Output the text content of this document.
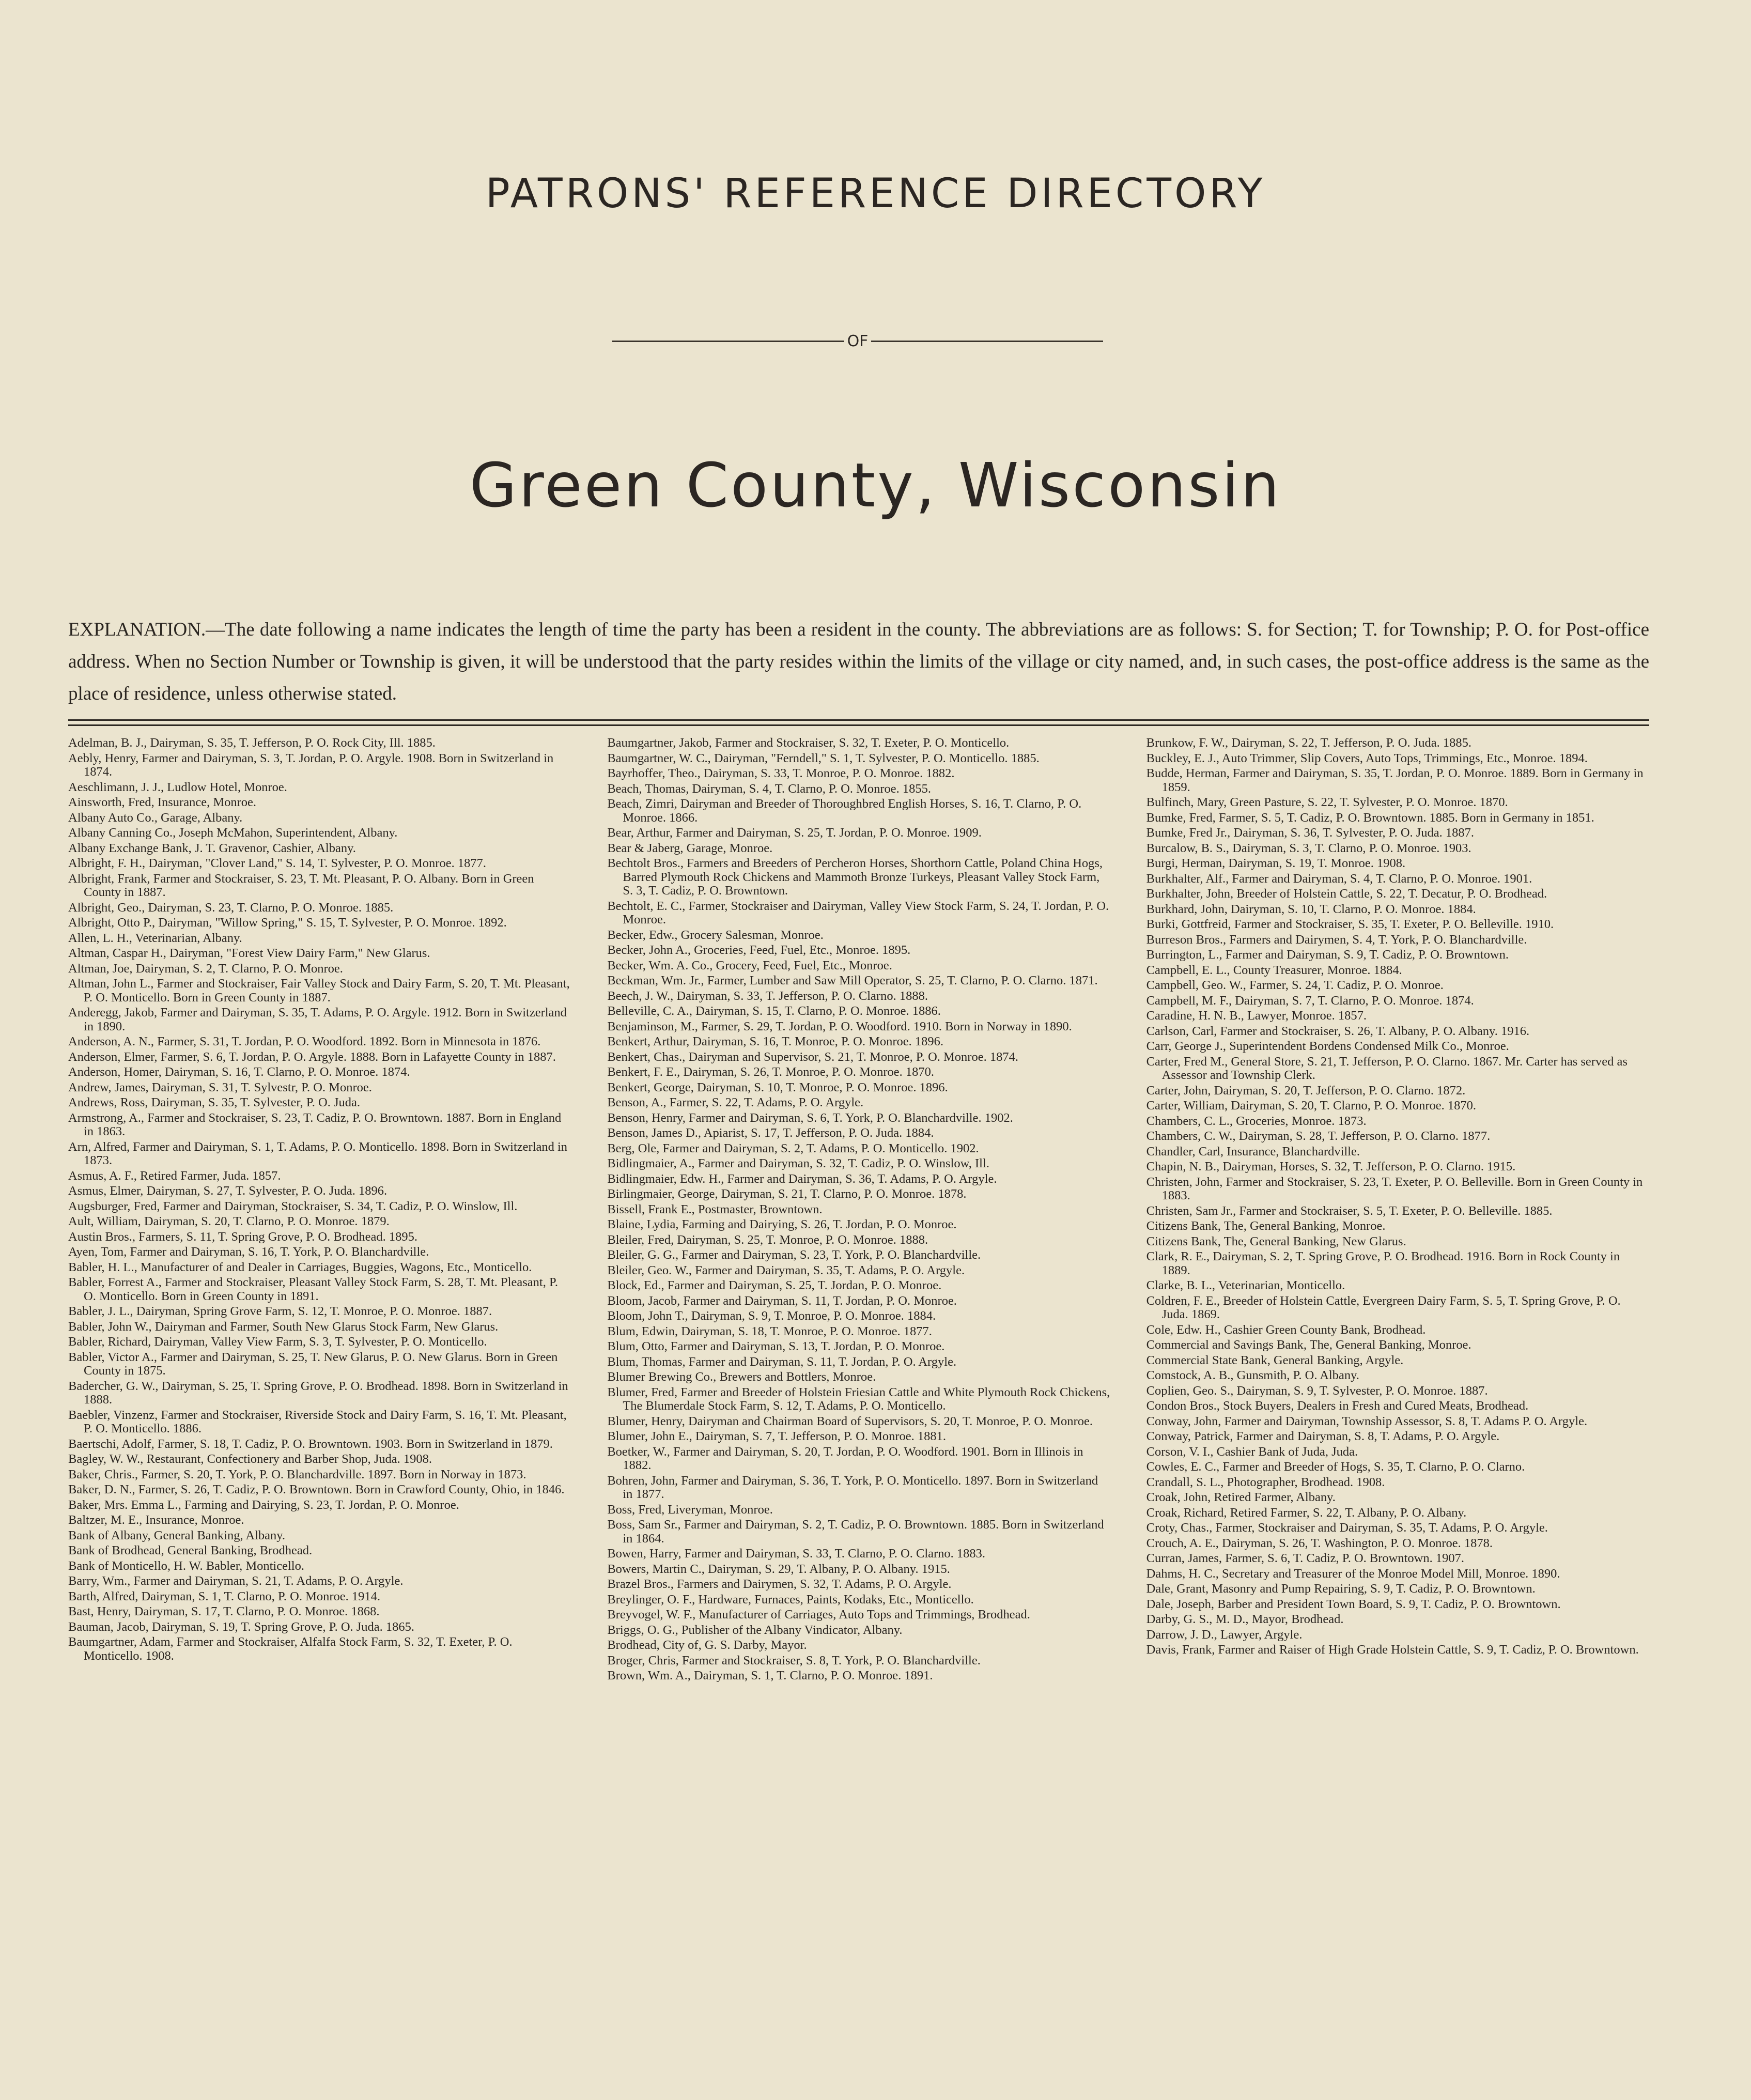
PATRONS' REFERENCE DIRECTORY
OF
Green County, Wisconsin
EXPLANATION.—The date following a name indicates the length of time the party has been a resident in the county. The abbreviations are as follows: S. for Section; T. for Township; P. O. for Post-office address. When no Section Number or Township is given, it will be understood that the party resides within the limits of the village or city named, and, in such cases, the post-office address is the same as the place of residence, unless otherwise stated.
Adelman, B. J., Dairyman, S. 35, T. Jefferson, P. O. Rock City, Ill. 1885.
Aebly, Henry, Farmer and Dairyman, S. 3, T. Jordan, P. O. Argyle. 1908. Born in Switzerland in 1874.
Aeschlimann, J. J., Ludlow Hotel, Monroe.
Ainsworth, Fred, Insurance, Monroe.
Albany Auto Co., Garage, Albany.
Albany Canning Co., Joseph McMahon, Superintendent, Albany.
Albany Exchange Bank, J. T. Gravenor, Cashier, Albany.
Albright, F. H., Dairyman, "Clover Land," S. 14, T. Sylvester, P. O. Monroe. 1877.
Albright, Frank, Farmer and Stockraiser, S. 23, T. Mt. Pleasant, P. O. Albany. Born in Green County in 1887.
Albright, Geo., Dairyman, S. 23, T. Clarno, P. O. Monroe. 1885.
Albright, Otto P., Dairyman, "Willow Spring," S. 15, T. Sylvester, P. O. Monroe. 1892.
Allen, L. H., Veterinarian, Albany.
Altman, Caspar H., Dairyman, "Forest View Dairy Farm," New Glarus.
Altman, Joe, Dairyman, S. 2, T. Clarno, P. O. Monroe.
Altman, John L., Farmer and Stockraiser, Fair Valley Stock and Dairy Farm, S. 20, T. Mt. Pleasant, P. O. Monticello. Born in Green County in 1887.
Anderegg, Jakob, Farmer and Dairyman, S. 35, T. Adams, P. O. Argyle. 1912. Born in Switzerland in 1890.
Anderson, A. N., Farmer, S. 31, T. Jordan, P. O. Woodford. 1892. Born in Minnesota in 1876.
Anderson, Elmer, Farmer, S. 6, T. Jordan, P. O. Argyle. 1888. Born in Lafayette County in 1887.
Anderson, Homer, Dairyman, S. 16, T. Clarno, P. O. Monroe. 1874.
Andrew, James, Dairyman, S. 31, T. Sylvestr, P. O. Monroe.
Andrews, Ross, Dairyman, S. 35, T. Sylvester, P. O. Juda.
Armstrong, A., Farmer and Stockraiser, S. 23, T. Cadiz, P. O. Browntown. 1887. Born in England in 1863.
Arn, Alfred, Farmer and Dairyman, S. 1, T. Adams, P. O. Monticello. 1898. Born in Switzerland in 1873.
Asmus, A. F., Retired Farmer, Juda. 1857.
Asmus, Elmer, Dairyman, S. 27, T. Sylvester, P. O. Juda. 1896.
Augsburger, Fred, Farmer and Dairyman, Stockraiser, S. 34, T. Cadiz, P. O. Winslow, Ill.
Ault, William, Dairyman, S. 20, T. Clarno, P. O. Monroe. 1879.
Austin Bros., Farmers, S. 11, T. Spring Grove, P. O. Brodhead. 1895.
Ayen, Tom, Farmer and Dairyman, S. 16, T. York, P. O. Blanchardville.
Babler, H. L., Manufacturer of and Dealer in Carriages, Buggies, Wagons, Etc., Monticello.
Babler, Forrest A., Farmer and Stockraiser, Pleasant Valley Stock Farm, S. 28, T. Mt. Pleasant, P. O. Monticello. Born in Green County in 1891.
Babler, J. L., Dairyman, Spring Grove Farm, S. 12, T. Monroe, P. O. Monroe. 1887.
Babler, John W., Dairyman and Farmer, South New Glarus Stock Farm, New Glarus.
Babler, Richard, Dairyman, Valley View Farm, S. 3, T. Sylvester, P. O. Monticello.
Babler, Victor A., Farmer and Dairyman, S. 25, T. New Glarus, P. O. New Glarus. Born in Green County in 1875.
Badercher, G. W., Dairyman, S. 25, T. Spring Grove, P. O. Brodhead. 1898. Born in Switzerland in 1888.
Baebler, Vinzenz, Farmer and Stockraiser, Riverside Stock and Dairy Farm, S. 16, T. Mt. Pleasant, P. O. Monticello. 1886.
Baertschi, Adolf, Farmer, S. 18, T. Cadiz, P. O. Browntown. 1903. Born in Switzerland in 1879.
Bagley, W. W., Restaurant, Confectionery and Barber Shop, Juda. 1908.
Baker, Chris., Farmer, S. 20, T. York, P. O. Blanchardville. 1897. Born in Norway in 1873.
Baker, D. N., Farmer, S. 26, T. Cadiz, P. O. Browntown. Born in Crawford County, Ohio, in 1846.
Baker, Mrs. Emma L., Farming and Dairying, S. 23, T. Jordan, P. O. Monroe.
Baltzer, M. E., Insurance, Monroe.
Bank of Albany, General Banking, Albany.
Bank of Brodhead, General Banking, Brodhead.
Bank of Monticello, H. W. Babler, Monticello.
Barry, Wm., Farmer and Dairyman, S. 21, T. Adams, P. O. Argyle.
Barth, Alfred, Dairyman, S. 1, T. Clarno, P. O. Monroe. 1914.
Bast, Henry, Dairyman, S. 17, T. Clarno, P. O. Monroe. 1868.
Bauman, Jacob, Dairyman, S. 19, T. Spring Grove, P. O. Juda. 1865.
Baumgartner, Adam, Farmer and Stockraiser, Alfalfa Stock Farm, S. 32, T. Exeter, P. O. Monticello. 1908.
Baumgartner, Jakob, Farmer and Stockraiser, S. 32, T. Exeter, P. O. Monticello.
Baumgartner, W. C., Dairyman, "Ferndell," S. 1, T. Sylvester, P. O. Monticello. 1885.
Bayrhoffer, Theo., Dairyman, S. 33, T. Monroe, P. O. Monroe. 1882.
Beach, Thomas, Dairyman, S. 4, T. Clarno, P. O. Monroe. 1855.
Beach, Zimri, Dairyman and Breeder of Thoroughbred English Horses, S. 16, T. Clarno, P. O. Monroe. 1866.
Bear, Arthur, Farmer and Dairyman, S. 25, T. Jordan, P. O. Monroe. 1909.
Bear & Jaberg, Garage, Monroe.
Bechtolt Bros., Farmers and Breeders of Percheron Horses, Shorthorn Cattle, Poland China Hogs, Barred Plymouth Rock Chickens and Mammoth Bronze Turkeys, Pleasant Valley Stock Farm, S. 3, T. Cadiz, P. O. Browntown.
Bechtolt, E. C., Farmer, Stockraiser and Dairyman, Valley View Stock Farm, S. 24, T. Jordan, P. O. Monroe.
Becker, Edw., Grocery Salesman, Monroe.
Becker, John A., Groceries, Feed, Fuel, Etc., Monroe. 1895.
Becker, Wm. A. Co., Grocery, Feed, Fuel, Etc., Monroe.
Beckman, Wm. Jr., Farmer, Lumber and Saw Mill Operator, S. 25, T. Clarno, P. O. Clarno. 1871.
Beech, J. W., Dairyman, S. 33, T. Jefferson, P. O. Clarno. 1888.
Belleville, C. A., Dairyman, S. 15, T. Clarno, P. O. Monroe. 1886.
Benjaminson, M., Farmer, S. 29, T. Jordan, P. O. Woodford. 1910. Born in Norway in 1890.
Benkert, Arthur, Dairyman, S. 16, T. Monroe, P. O. Monroe. 1896.
Benkert, Chas., Dairyman and Supervisor, S. 21, T. Monroe, P. O. Monroe. 1874.
Benkert, F. E., Dairyman, S. 26, T. Monroe, P. O. Monroe. 1870.
Benkert, George, Dairyman, S. 10, T. Monroe, P. O. Monroe. 1896.
Benson, A., Farmer, S. 22, T. Adams, P. O. Argyle.
Benson, Henry, Farmer and Dairyman, S. 6, T. York, P. O. Blanchardville. 1902.
Benson, James D., Apiarist, S. 17, T. Jefferson, P. O. Juda. 1884.
Berg, Ole, Farmer and Dairyman, S. 2, T. Adams, P. O. Monticello. 1902.
Bidlingmaier, A., Farmer and Dairyman, S. 32, T. Cadiz, P. O. Winslow, Ill.
Bidlingmaier, Edw. H., Farmer and Dairyman, S. 36, T. Adams, P. O. Argyle.
Birlingmaier, George, Dairyman, S. 21, T. Clarno, P. O. Monroe. 1878.
Bissell, Frank E., Postmaster, Browntown.
Blaine, Lydia, Farming and Dairying, S. 26, T. Jordan, P. O. Monroe.
Bleiler, Fred, Dairyman, S. 25, T. Monroe, P. O. Monroe. 1888.
Bleiler, G. G., Farmer and Dairyman, S. 23, T. York, P. O. Blanchardville.
Bleiler, Geo. W., Farmer and Dairyman, S. 35, T. Adams, P. O. Argyle.
Block, Ed., Farmer and Dairyman, S. 25, T. Jordan, P. O. Monroe.
Bloom, Jacob, Farmer and Dairyman, S. 11, T. Jordan, P. O. Monroe.
Bloom, John T., Dairyman, S. 9, T. Monroe, P. O. Monroe. 1884.
Blum, Edwin, Dairyman, S. 18, T. Monroe, P. O. Monroe. 1877.
Blum, Otto, Farmer and Dairyman, S. 13, T. Jordan, P. O. Monroe.
Blum, Thomas, Farmer and Dairyman, S. 11, T. Jordan, P. O. Argyle.
Blumer Brewing Co., Brewers and Bottlers, Monroe.
Blumer, Fred, Farmer and Breeder of Holstein Friesian Cattle and White Plymouth Rock Chickens, The Blumerdale Stock Farm, S. 12, T. Adams, P. O. Monticello.
Blumer, Henry, Dairyman and Chairman Board of Supervisors, S. 20, T. Monroe, P. O. Monroe.
Blumer, John E., Dairyman, S. 7, T. Jefferson, P. O. Monroe. 1881.
Boetker, W., Farmer and Dairyman, S. 20, T. Jordan, P. O. Woodford. 1901. Born in Illinois in 1882.
Bohren, John, Farmer and Dairyman, S. 36, T. York, P. O. Monticello. 1897. Born in Switzerland in 1877.
Boss, Fred, Liveryman, Monroe.
Boss, Sam Sr., Farmer and Dairyman, S. 2, T. Cadiz, P. O. Browntown. 1885. Born in Switzerland in 1864.
Bowen, Harry, Farmer and Dairyman, S. 33, T. Clarno, P. O. Clarno. 1883.
Bowers, Martin C., Dairyman, S. 29, T. Albany, P. O. Albany. 1915.
Brazel Bros., Farmers and Dairymen, S. 32, T. Adams, P. O. Argyle.
Breylinger, O. F., Hardware, Furnaces, Paints, Kodaks, Etc., Monticello.
Breyvogel, W. F., Manufacturer of Carriages, Auto Tops and Trimmings, Brodhead.
Briggs, O. G., Publisher of the Albany Vindicator, Albany.
Brodhead, City of, G. S. Darby, Mayor.
Broger, Chris, Farmer and Stockraiser, S. 8, T. York, P. O. Blanchardville.
Brown, Wm. A., Dairyman, S. 1, T. Clarno, P. O. Monroe. 1891.
Brunkow, F. W., Dairyman, S. 22, T. Jefferson, P. O. Juda. 1885.
Buckley, E. J., Auto Trimmer, Slip Covers, Auto Tops, Trimmings, Etc., Monroe. 1894.
Budde, Herman, Farmer and Dairyman, S. 35, T. Jordan, P. O. Monroe. 1889. Born in Germany in 1859.
Bulfinch, Mary, Green Pasture, S. 22, T. Sylvester, P. O. Monroe. 1870.
Bumke, Fred, Farmer, S. 5, T. Cadiz, P. O. Browntown. 1885. Born in Germany in 1851.
Bumke, Fred Jr., Dairyman, S. 36, T. Sylvester, P. O. Juda. 1887.
Burcalow, B. S., Dairyman, S. 3, T. Clarno, P. O. Monroe. 1903.
Burgi, Herman, Dairyman, S. 19, T. Monroe. 1908.
Burkhalter, Alf., Farmer and Dairyman, S. 4, T. Clarno, P. O. Monroe. 1901.
Burkhalter, John, Breeder of Holstein Cattle, S. 22, T. Decatur, P. O. Brodhead.
Burkhard, John, Dairyman, S. 10, T. Clarno, P. O. Monroe. 1884.
Burki, Gottfreid, Farmer and Stockraiser, S. 35, T. Exeter, P. O. Belleville. 1910.
Burreson Bros., Farmers and Dairymen, S. 4, T. York, P. O. Blanchardville.
Burrington, L., Farmer and Dairyman, S. 9, T. Cadiz, P. O. Browntown.
Campbell, E. L., County Treasurer, Monroe. 1884.
Campbell, Geo. W., Farmer, S. 24, T. Cadiz, P. O. Monroe.
Campbell, M. F., Dairyman, S. 7, T. Clarno, P. O. Monroe. 1874.
Caradine, H. N. B., Lawyer, Monroe. 1857.
Carlson, Carl, Farmer and Stockraiser, S. 26, T. Albany, P. O. Albany. 1916.
Carr, George J., Superintendent Bordens Condensed Milk Co., Monroe.
Carter, Fred M., General Store, S. 21, T. Jefferson, P. O. Clarno. 1867. Mr. Carter has served as Assessor and Township Clerk.
Carter, John, Dairyman, S. 20, T. Jefferson, P. O. Clarno. 1872.
Carter, William, Dairyman, S. 20, T. Clarno, P. O. Monroe. 1870.
Chambers, C. L., Groceries, Monroe. 1873.
Chambers, C. W., Dairyman, S. 28, T. Jefferson, P. O. Clarno. 1877.
Chandler, Carl, Insurance, Blanchardville.
Chapin, N. B., Dairyman, Horses, S. 32, T. Jefferson, P. O. Clarno. 1915.
Christen, John, Farmer and Stockraiser, S. 23, T. Exeter, P. O. Belleville. Born in Green County in 1883.
Christen, Sam Jr., Farmer and Stockraiser, S. 5, T. Exeter, P. O. Belleville. 1885.
Citizens Bank, The, General Banking, Monroe.
Citizens Bank, The, General Banking, New Glarus.
Clark, R. E., Dairyman, S. 2, T. Spring Grove, P. O. Brodhead. 1916. Born in Rock County in 1889.
Clarke, B. L., Veterinarian, Monticello.
Coldren, F. E., Breeder of Holstein Cattle, Evergreen Dairy Farm, S. 5, T. Spring Grove, P. O. Juda. 1869.
Cole, Edw. H., Cashier Green County Bank, Brodhead.
Commercial and Savings Bank, The, General Banking, Monroe.
Commercial State Bank, General Banking, Argyle.
Comstock, A. B., Gunsmith, P. O. Albany.
Coplien, Geo. S., Dairyman, S. 9, T. Sylvester, P. O. Monroe. 1887.
Condon Bros., Stock Buyers, Dealers in Fresh and Cured Meats, Brodhead.
Conway, John, Farmer and Dairyman, Township Assessor, S. 8, T. Adams P. O. Argyle.
Conway, Patrick, Farmer and Dairyman, S. 8, T. Adams, P. O. Argyle.
Corson, V. I., Cashier Bank of Juda, Juda.
Cowles, E. C., Farmer and Breeder of Hogs, S. 35, T. Clarno, P. O. Clarno.
Crandall, S. L., Photographer, Brodhead. 1908.
Croak, John, Retired Farmer, Albany.
Croak, Richard, Retired Farmer, S. 22, T. Albany, P. O. Albany.
Croty, Chas., Farmer, Stockraiser and Dairyman, S. 35, T. Adams, P. O. Argyle.
Crouch, A. E., Dairyman, S. 26, T. Washington, P. O. Monroe. 1878.
Curran, James, Farmer, S. 6, T. Cadiz, P. O. Browntown. 1907.
Dahms, H. C., Secretary and Treasurer of the Monroe Model Mill, Monroe. 1890.
Dale, Grant, Masonry and Pump Repairing, S. 9, T. Cadiz, P. O. Browntown.
Dale, Joseph, Barber and President Town Board, S. 9, T. Cadiz, P. O. Browntown.
Darby, G. S., M. D., Mayor, Brodhead.
Darrow, J. D., Lawyer, Argyle.
Davis, Frank, Farmer and Raiser of High Grade Holstein Cattle, S. 9, T. Cadiz, P. O. Browntown.
